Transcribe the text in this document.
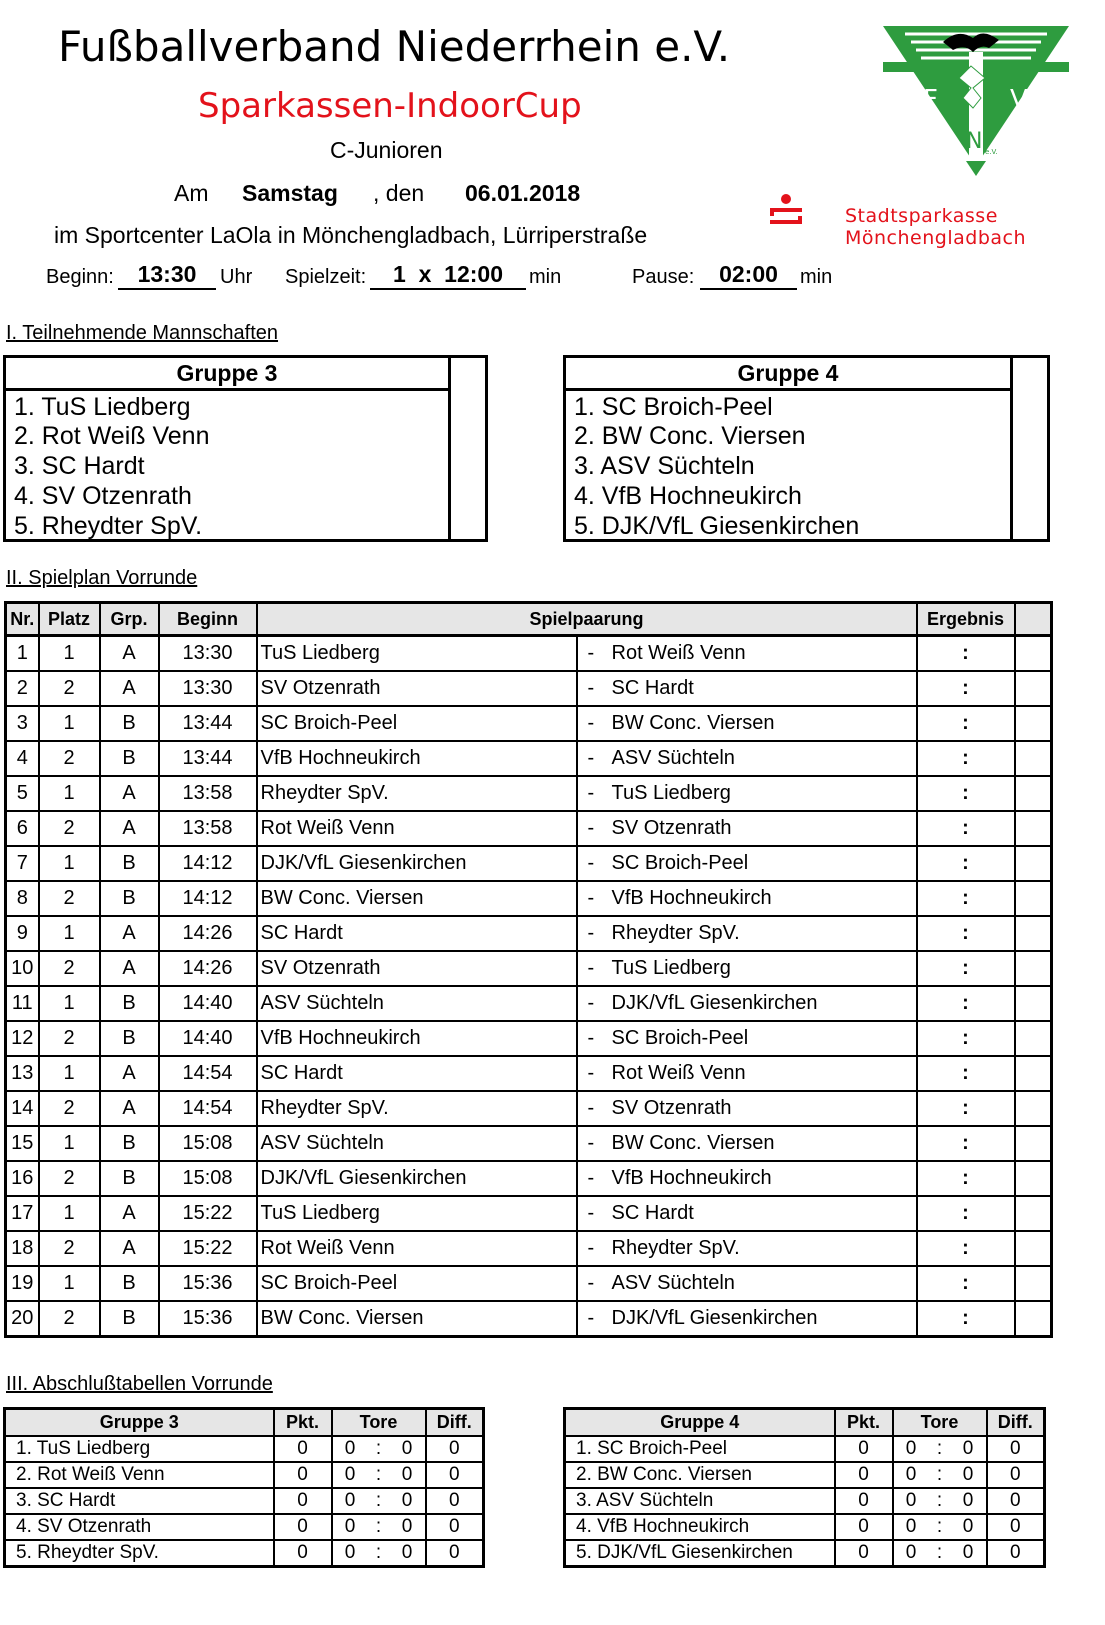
Fußballverband Niederrhein e.V.
Sparkassen-IndoorCup
C-Junioren
Am Samstag , den 06.01.2018
im Sportcenter LaOla in Mönchengladbach, Lürriperstraße
Beginn:	13:30	Uhr Spielzeit:	1  x  12:00	min	Pause:	02:00	min
F	V
N e.V.
Stadtsparkasse
Mönchengladbach
I. Teilnehmende Mannschaften
Gruppe 3
1. TuS Liedberg
2. Rot Weiß Venn
3. SC Hardt
4. SV Otzenrath
5. Rheydter SpV.
Gruppe 4
1. SC Broich-Peel
2. BW Conc. Viersen
3. ASV Süchteln
4. VfB Hochneukirch
5. DJK/VfL Giesenkirchen
II. Spielplan Vorrunde
Nr.	Platz	Grp.	Beginn	Spielpaarung		Ergebnis	
1	1	A	13:30	TuS Liedberg	- Rot Weiß Venn	:	
2	2	A	13:30	SV Otzenrath	- SC Hardt	:	
3	1	B	13:44	SC Broich-Peel	- BW Conc. Viersen	:	
4	2	B	13:44	VfB Hochneukirch	- ASV Süchteln	:	
5	1	A	13:58	Rheydter SpV.	- TuS Liedberg	:	
6	2	A	13:58	Rot Weiß Venn	- SV Otzenrath	:	
7	1	B	14:12	DJK/VfL Giesenkirchen	- SC Broich-Peel	:	
8	2	B	14:12	BW Conc. Viersen	- VfB Hochneukirch	:	
9	1	A	14:26	SC Hardt	- Rheydter SpV.	:	
10	2	A	14:26	SV Otzenrath	- TuS Liedberg	:	
11	1	B	14:40	ASV Süchteln	- DJK/VfL Giesenkirchen	:	
12	2	B	14:40	VfB Hochneukirch	- SC Broich-Peel	:	
13	1	A	14:54	SC Hardt	- Rot Weiß Venn	:	
14	2	A	14:54	Rheydter SpV.	- SV Otzenrath	:	
15	1	B	15:08	ASV Süchteln	- BW Conc. Viersen	:	
16	2	B	15:08	DJK/VfL Giesenkirchen	- VfB Hochneukirch	:	
17	1	A	15:22	TuS Liedberg	- SC Hardt	:	
18	2	A	15:22	Rot Weiß Venn	- Rheydter SpV.	:	
19	1	B	15:36	SC Broich-Peel	- ASV Süchteln	:	
20	2	B	15:36	BW Conc. Viersen	- DJK/VfL Giesenkirchen	:	
III. Abschlußtabellen Vorrunde
Gruppe 3	Pkt.	Tore			Diff.
1. TuS Liedberg	0	0	:	0	0
2. Rot Weiß Venn	0	0	:	0	0
3. SC Hardt	0	0	:	0	0
4. SV Otzenrath	0	0	:	0	0
5. Rheydter SpV.	0	0	:	0	0
Gruppe 4	Pkt.	Tore			Diff.
1. SC Broich-Peel	0	0	:	0	0
2. BW Conc. Viersen	0	0	:	0	0
3. ASV Süchteln	0	0	:	0	0
4. VfB Hochneukirch	0	0	:	0	0
5. DJK/VfL Giesenkirchen	0	0	:	0	0
